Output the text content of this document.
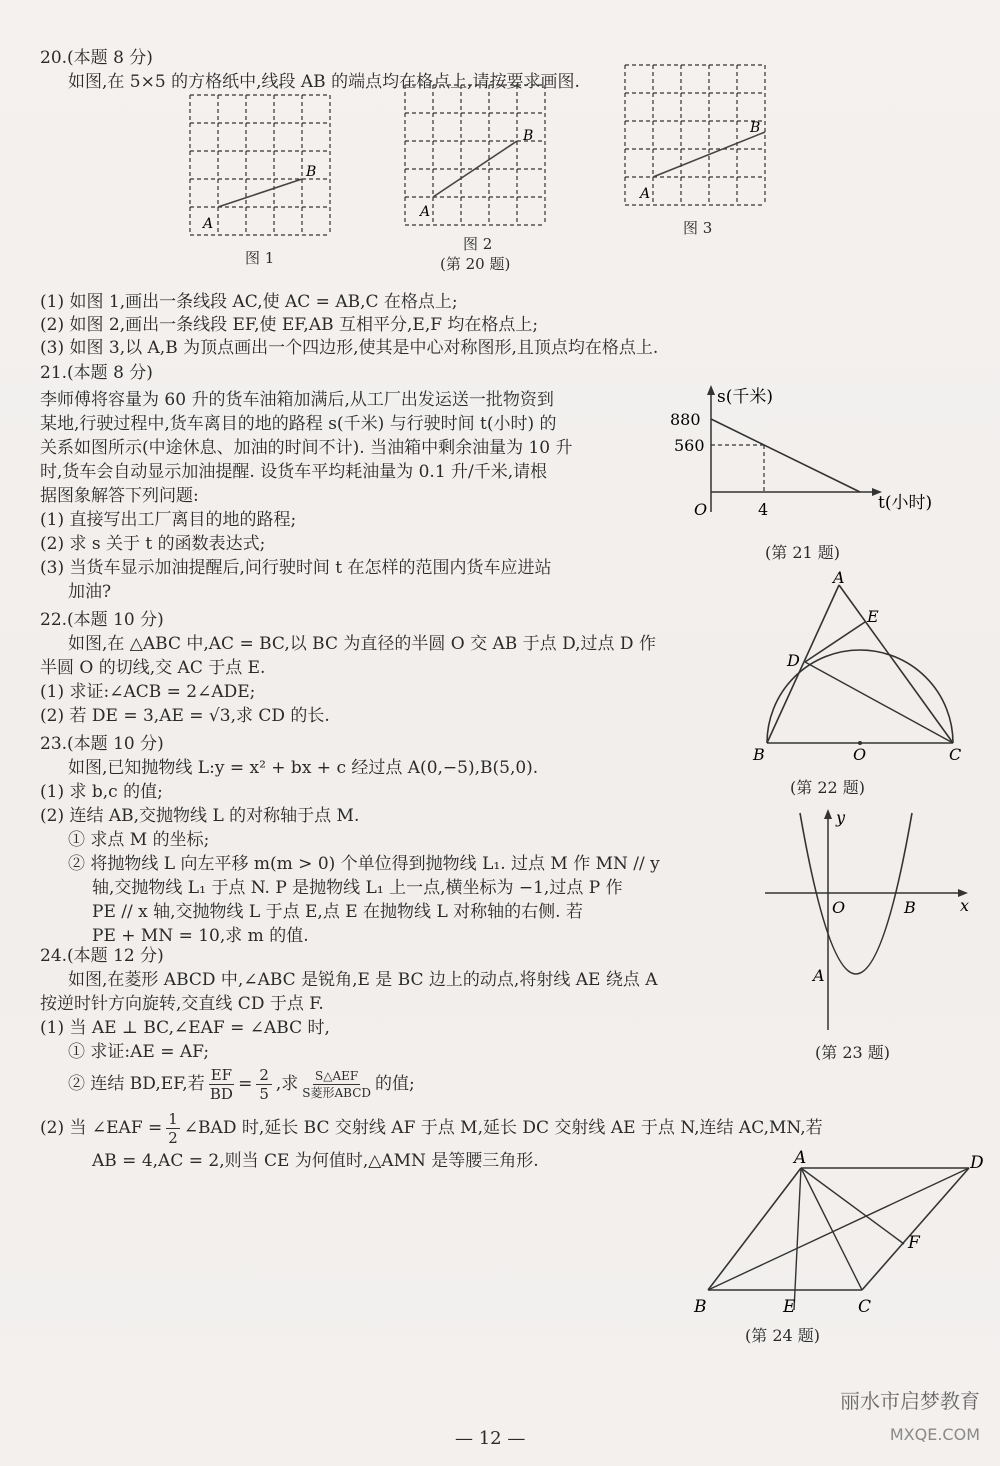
20.(本题 8 分)
如图,在 5×5 的方格纸中,线段 AB 的端点均在格点上,请按要求画图.
A
B
图 1
A
B
图 2
(第 20 题)
A
B
图 3
(1) 如图 1,画出一条线段 AC,使 AC = AB,C 在格点上;
(2) 如图 2,画出一条线段 EF,使 EF,AB 互相平分,E,F 均在格点上;
(3) 如图 3,以 A,B 为顶点画出一个四边形,使其是中心对称图形,且顶点均在格点上.
21.(本题 8 分)
李师傅将容量为 60 升的货车油箱加满后,从工厂出发运送一批物资到
某地,行驶过程中,货车离目的地的路程 s(千米) 与行驶时间 t(小时) 的
关系如图所示(中途休息、加油的时间不计). 当油箱中剩余油量为 10 升
时,货车会自动显示加油提醒. 设货车平均耗油量为 0.1 升/千米,请根
据图象解答下列问题:
(1) 直接写出工厂离目的地的路程;
(2) 求 s 关于 t 的函数表达式;
(3) 当货车显示加油提醒后,问行驶时间 t 在怎样的范围内货车应进站
加油?
s(千米)
880
560
O	4	t(小时)
(第 21 题)
22.(本题 10 分)
如图,在 △ABC 中,AC = BC,以 BC 为直径的半圆 O 交 AB 于点 D,过点 D 作
半圆 O 的切线,交 AC 于点 E.
(1) 求证:∠ACB = 2∠ADE;
(2) 若 DE = 3,AE = √3,求 CD 的长.
A
E
D
B	O	C
(第 22 题)
23.(本题 10 分)
如图,已知抛物线 L:y = x² + bx + c 经过点 A(0,−5),B(5,0).
(1) 求 b,c 的值;
(2) 连结 AB,交抛物线 L 的对称轴于点 M.
① 求点 M 的坐标;
② 将抛物线 L 向左平移 m(m > 0) 个单位得到抛物线 L₁. 过点 M 作 MN // y
轴,交抛物线 L₁ 于点 N. P 是抛物线 L₁ 上一点,横坐标为 −1,过点 P 作
PE // x 轴,交抛物线 L 于点 E,点 E 在抛物线 L 对称轴的右侧. 若
PE + MN = 10,求 m 的值.
y
x
O	B
A
(第 23 题)
24.(本题 12 分)
如图,在菱形 ABCD 中,∠ABC 是锐角,E 是 BC 边上的动点,将射线 AE 绕点 A
按逆时针方向旋转,交直线 CD 于点 F.
(1) 当 AE ⊥ BC,∠EAF = ∠ABC 时,
① 求证:AE = AF;
② 连结 BD,EF,若 $\frac{EF}{BD} = \frac{2}{5}$ ,求 S△AEF
S菱形ABCD 的值;
(2) 当 ∠EAF = $\frac{1}{2}$ ∠BAD 时,延长 BC 交射线 AF 于点 M,延长 DC 交射线 AE 于点 N,连结 AC,MN,若
AB = 4,AC = 2,则当 CE 为何值时,△AMN 是等腰三角形.	A	D
B	E	C
F
(第 24 题)
— 12 —
丽水市启梦教育
MXQE.COM
